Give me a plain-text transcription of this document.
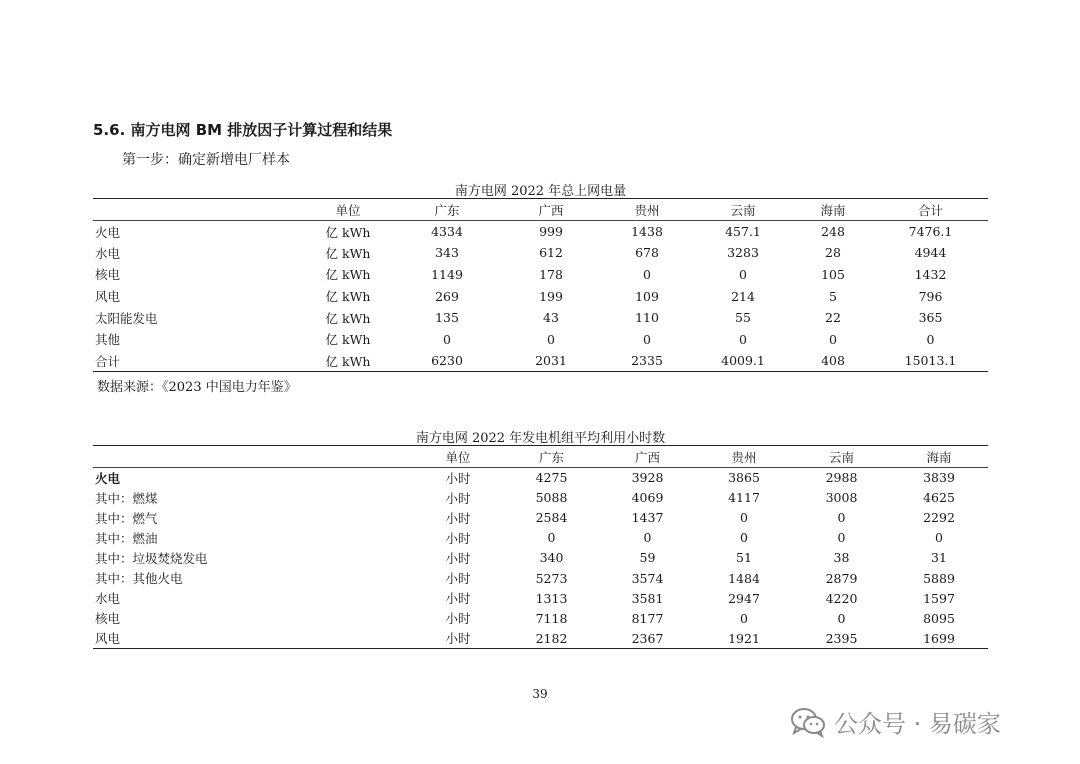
5.6. 南方电网 BM 排放因子计算过程和结果
第一步：确定新增电厂样本
南方电网 2022 年总上网电量
	单位	广东	广西	贵州	云南	海南	合计
火电	亿 kWh	4334	999	1438	457.1	248	7476.1
水电	亿 kWh	343	612	678	3283	28	4944
核电	亿 kWh	1149	178	0	0	105	1432
风电	亿 kWh	269	199	109	214	5	796
太阳能发电	亿 kWh	135	43	110	55	22	365
其他	亿 kWh	0	0	0	0	0	0
合计	亿 kWh	6230	2031	2335	4009.1	408	15013.1
数据来源：《2023 中国电力年鉴》
南方电网 2022 年发电机组平均利用小时数
	单位	广东	广西	贵州	云南	海南
火电	小时	4275	3928	3865	2988	3839
其中：燃煤	小时	5088	4069	4117	3008	4625
其中：燃气	小时	2584	1437	0	0	2292
其中：燃油	小时	0	0	0	0	0
其中：垃圾焚烧发电	小时	340	59	51	38	31
其中：其他火电	小时	5273	3574	1484	2879	5889
水电	小时	1313	3581	2947	4220	1597
核电	小时	7118	8177	0	0	8095
风电	小时	2182	2367	1921	2395	1699
39
公众号 · 易碳家
